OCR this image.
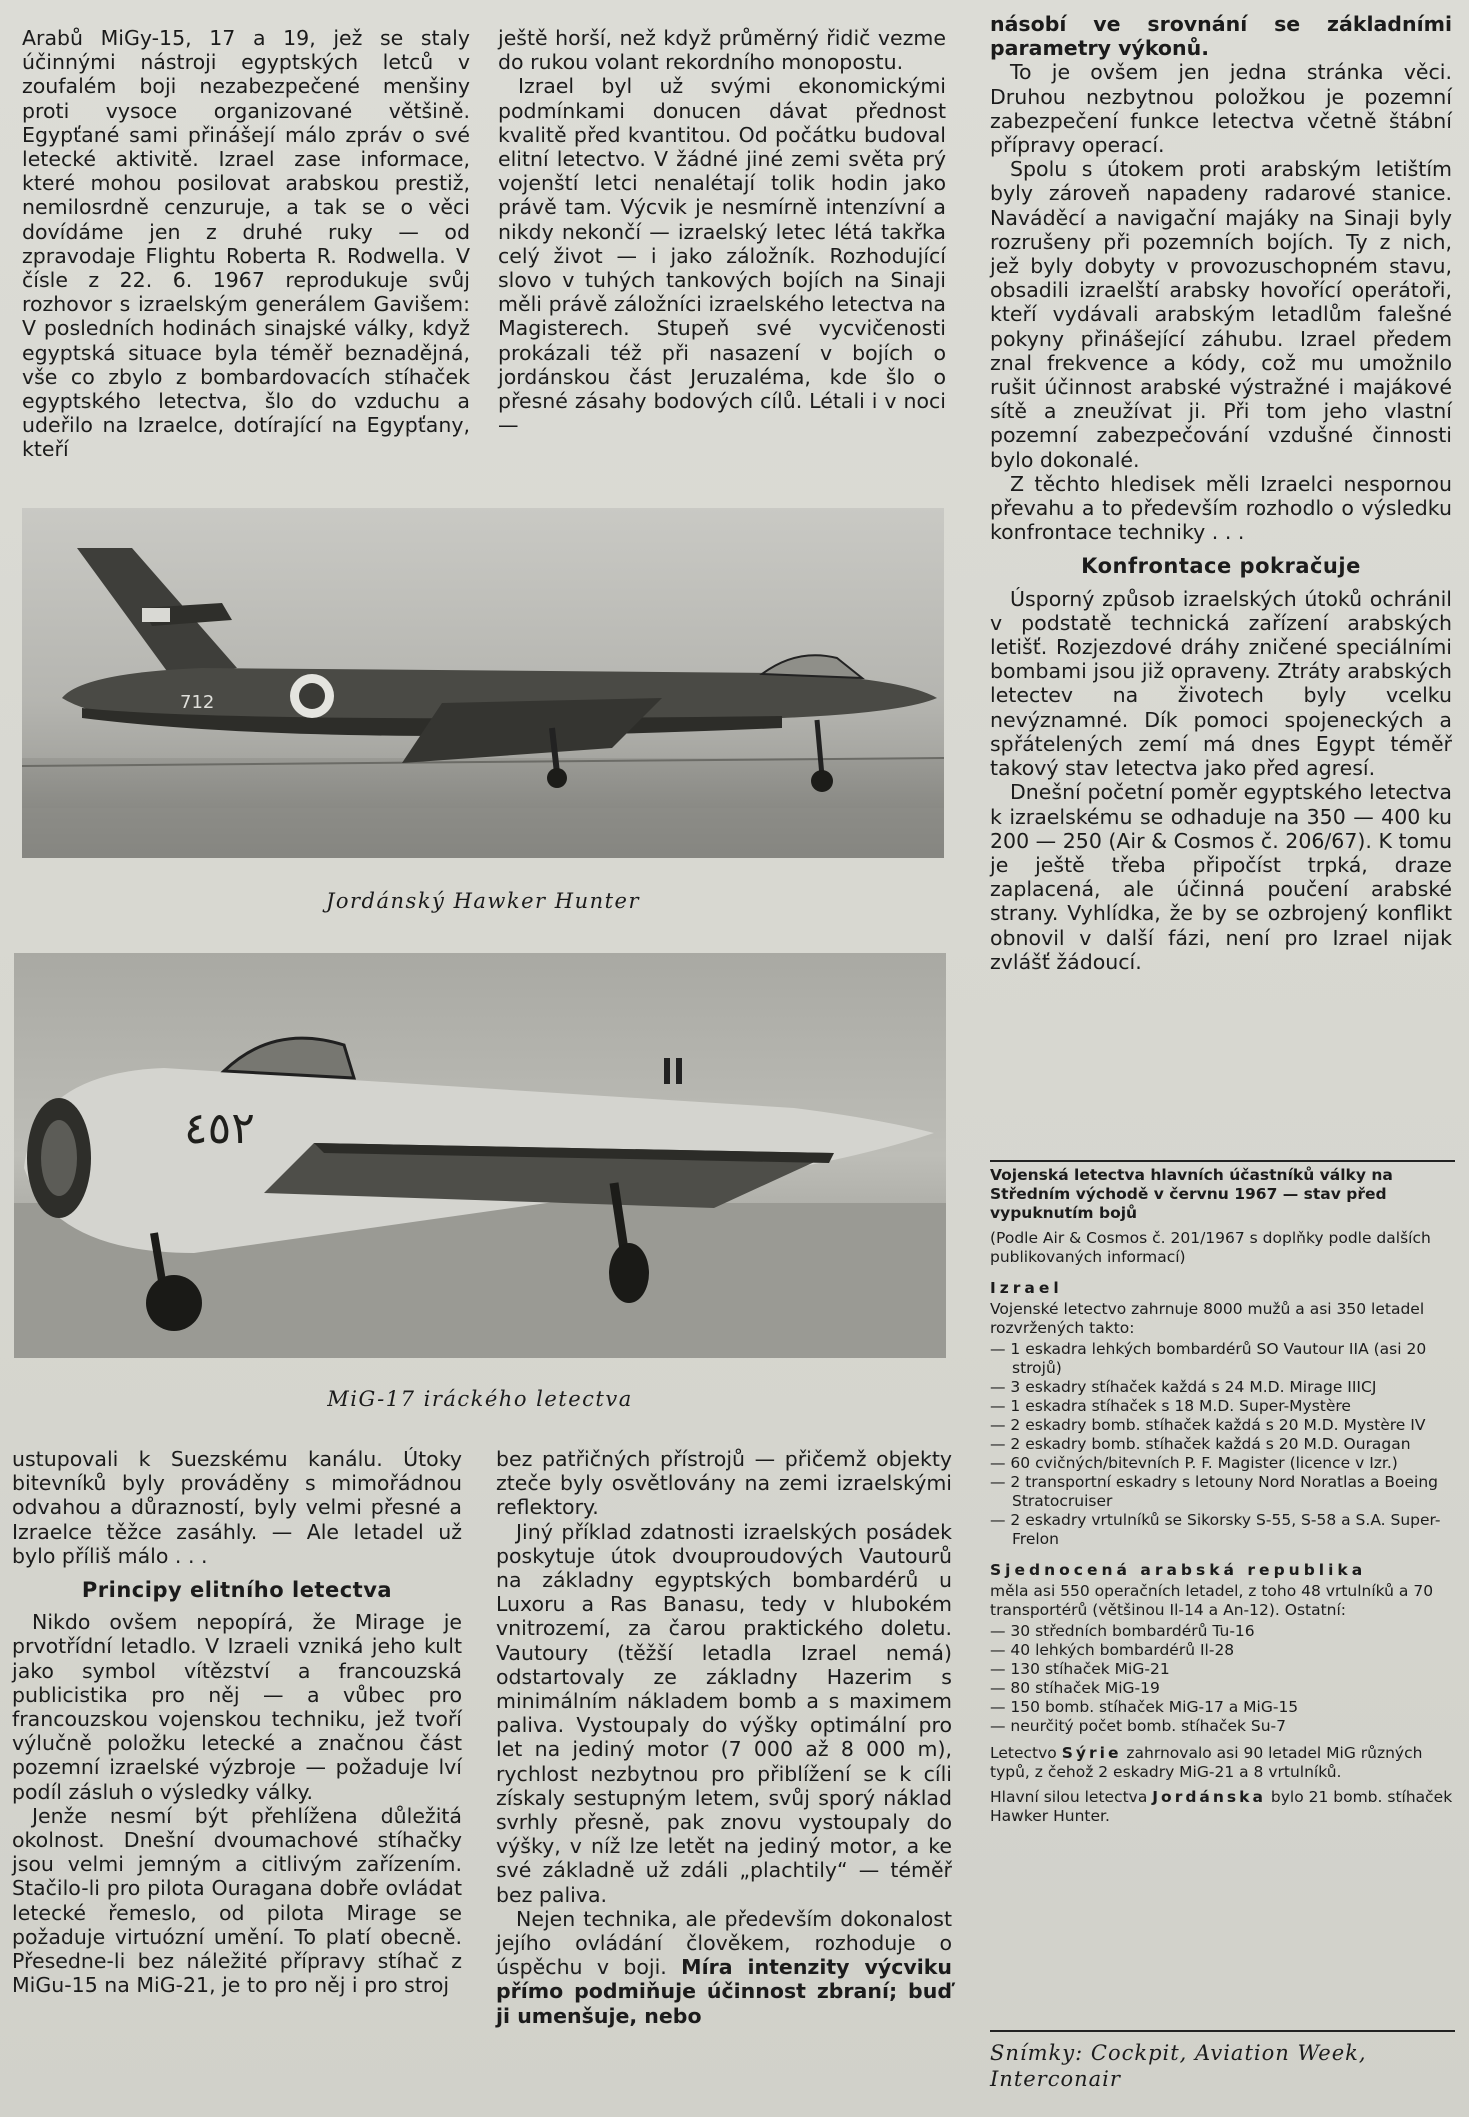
Arabů MiGy-15, 17 a 19, jež se staly účinnými nástroji egyptských letců v zoufalém boji nezabezpečené menšiny proti vysoce organizované většině. Egypťané sami přinášejí málo zpráv o své letecké aktivitě. Izrael zase informace, které mohou posilovat arabskou prestiž, nemilosrdně cenzuruje, a tak se o věci dovídáme jen z druhé ruky — od zpravodaje Flightu Roberta R. Rodwella. V čísle z 22. 6. 1967 reprodukuje svůj rozhovor s izraelským generálem Gavišem: V posledních hodinách sinajské války, když egyptská situace byla téměř beznadějná, vše co zbylo z bombardovacích stíhaček egyptského letectva, šlo do vzduchu a udeřilo na Izraelce, dotírající na Egypťany, kteří

ještě horší, než když průměrný řidič vezme do rukou volant rekordního monopostu.

Izrael byl už svými ekonomickými podmínkami donucen dávat přednost kvalitě před kvantitou. Od počátku budoval elitní letectvo. V žádné jiné zemi světa prý vojenští letci nenalétají tolik hodin jako právě tam. Výcvik je nesmírně intenzívní a nikdy nekončí — izraelský letec létá takřka celý život — i jako záložník. Rozhodující slovo v tuhých tankových bojích na Sinaji měli právě záložníci izraelského letectva na Magisterech. Stupeň své vycvičenosti prokázali též při nasazení v bojích o jordánskou část Jeruzaléma, kde šlo o přesné zásahy bodových cílů. Létali i v noci —

násobí ve srovnání se základními parametry výkonů.

To je ovšem jen jedna stránka věci. Druhou nezbytnou položkou je pozemní zabezpečení funkce letectva včetně štábní přípravy operací.

Spolu s útokem proti arabským letištím byly zároveň napadeny radarové stanice. Naváděcí a navigační majáky na Sinaji byly rozrušeny při pozemních bojích. Ty z nich, jež byly dobyty v provozuschopném stavu, obsadili izraelští arabsky hovořící operátoři, kteří vydávali arabským letadlům falešné pokyny přinášející záhubu. Izrael předem znal frekvence a kódy, což mu umožnilo rušit účinnost arabské výstražné i majákové sítě a zneužívat ji. Při tom jeho vlastní pozemní zabezpečování vzdušné činnosti bylo dokonalé.

Z těchto hledisek měli Izraelci nespornou převahu a to především rozhodlo o výsledku konfrontace techniky . . .

Konfrontace pokračuje

Úsporný způsob izraelských útoků ochránil v podstatě technická zařízení arabských letišť. Rozjezdové dráhy zničené speciálními bombami jsou již opraveny. Ztráty arabských letectev na životech byly vcelku nevýznamné. Dík pomoci spojeneckých a spřátelených zemí má dnes Egypt téměř takový stav letectva jako před agresí.

Dnešní početní poměr egyptského letectva k izraelskému se odhaduje na 350 — 400 ku 200 — 250 (Air & Cosmos č. 206/67). K tomu je ještě třeba připočíst trpká, draze zaplacená, ale účinná poučení arabské strany. Vyhlídka, že by se ozbrojený konflikt obnovil v další fázi, není pro Izrael nijak zvlášť žádoucí.

712
Jordánský Hawker Hunter
٤٥٢
MiG-17 iráckého letectva

ustupovali k Suezskému kanálu. Útoky bitevníků byly prováděny s mimořádnou odvahou a důrazností, byly velmi přesné a Izraelce těžce zasáhly. — Ale letadel už bylo příliš málo . . .

Principy elitního letectva

Nikdo ovšem nepopírá, že Mirage je prvotřídní letadlo. V Izraeli vzniká jeho kult jako symbol vítězství a francouzská publicistika pro něj — a vůbec pro francouzskou vojenskou techniku, jež tvoří výlučně položku letecké a značnou část pozemní izraelské výzbroje — požaduje lví podíl zásluh o výsledky války.

Jenže nesmí být přehlížena důležitá okolnost. Dnešní dvoumachové stíhačky jsou velmi jemným a citlivým zařízením. Stačilo-li pro pilota Ouragana dobře ovládat letecké řemeslo, od pilota Mirage se požaduje virtuózní umění. To platí obecně. Přesedne-li bez náležité přípravy stíhač z MiGu-15 na MiG-21, je to pro něj i pro stroj

bez patřičných přístrojů — přičemž objekty zteče byly osvětlovány na zemi izraelskými reflektory.

Jiný příklad zdatnosti izraelských posádek poskytuje útok dvouproudových Vautourů na základny egyptských bombardérů u Luxoru a Ras Banasu, tedy v hlubokém vnitrozemí, za čarou praktického doletu. Vautoury (těžší letadla Izrael nemá) odstartovaly ze základny Hazerim s minimálním nákladem bomb a s maximem paliva. Vystoupaly do výšky optimální pro let na jediný motor (7 000 až 8 000 m), rychlost nezbytnou pro přiblížení se k cíli získaly sestupným letem, svůj sporý náklad svrhly přesně, pak znovu vystoupaly do výšky, v níž lze letět na jediný motor, a ke své základně už zdáli „plachtily“ — téměř bez paliva.

Nejen technika, ale především dokonalost jejího ovládání člověkem, rozhoduje o úspěchu v boji. Míra intenzity výcviku přímo podmiňuje účinnost zbraní; buď ji umenšuje, nebo

Vojenská letectva hlavních účastníků války na Středním východě v červnu 1967 — stav před vypuknutím bojů
(Podle Air & Cosmos č. 201/1967 s doplňky podle dalších publikovaných informací)
Izrael

Vojenské letectvo zahrnuje 8000 mužů a asi 350 letadel rozvržených takto:

— 1 eskadra lehkých bombardérů SO Vautour IIA (asi 20 strojů)
— 3 eskadry stíhaček každá s 24 M.D. Mirage IIICJ
— 1 eskadra stíhaček s 18 M.D. Super-Mystère
— 2 eskadry bomb. stíhaček každá s 20 M.D. Mystère IV
— 2 eskadry bomb. stíhaček každá s 20 M.D. Ouragan
— 60 cvičných/bitevních P. F. Magister (licence v Izr.)
— 2 transportní eskadry s letouny Nord Noratlas a Boeing Stratocruiser
— 2 eskadry vrtulníků se Sikorsky S-55, S-58 a S.A. Super-Frelon
Sjednocená arabská republika

měla asi 550 operačních letadel, z toho 48 vrtulníků a 70 transportérů (většinou Il-14 a An-12). Ostatní:

— 30 středních bombardérů Tu-16
— 40 lehkých bombardérů Il-28
— 130 stíhaček MiG-21
— 80 stíhaček MiG-19
— 150 bomb. stíhaček MiG-17 a MiG-15
— neurčitý počet bomb. stíhaček Su-7

Letectvo Sýrie zahrnovalo asi 90 letadel MiG různých typů, z čehož 2 eskadry MiG-21 a 8 vrtulníků.

Hlavní silou letectva Jordánska bylo 21 bomb. stíhaček Hawker Hunter.

Snímky: Cockpit, Aviation Week, Interconair
